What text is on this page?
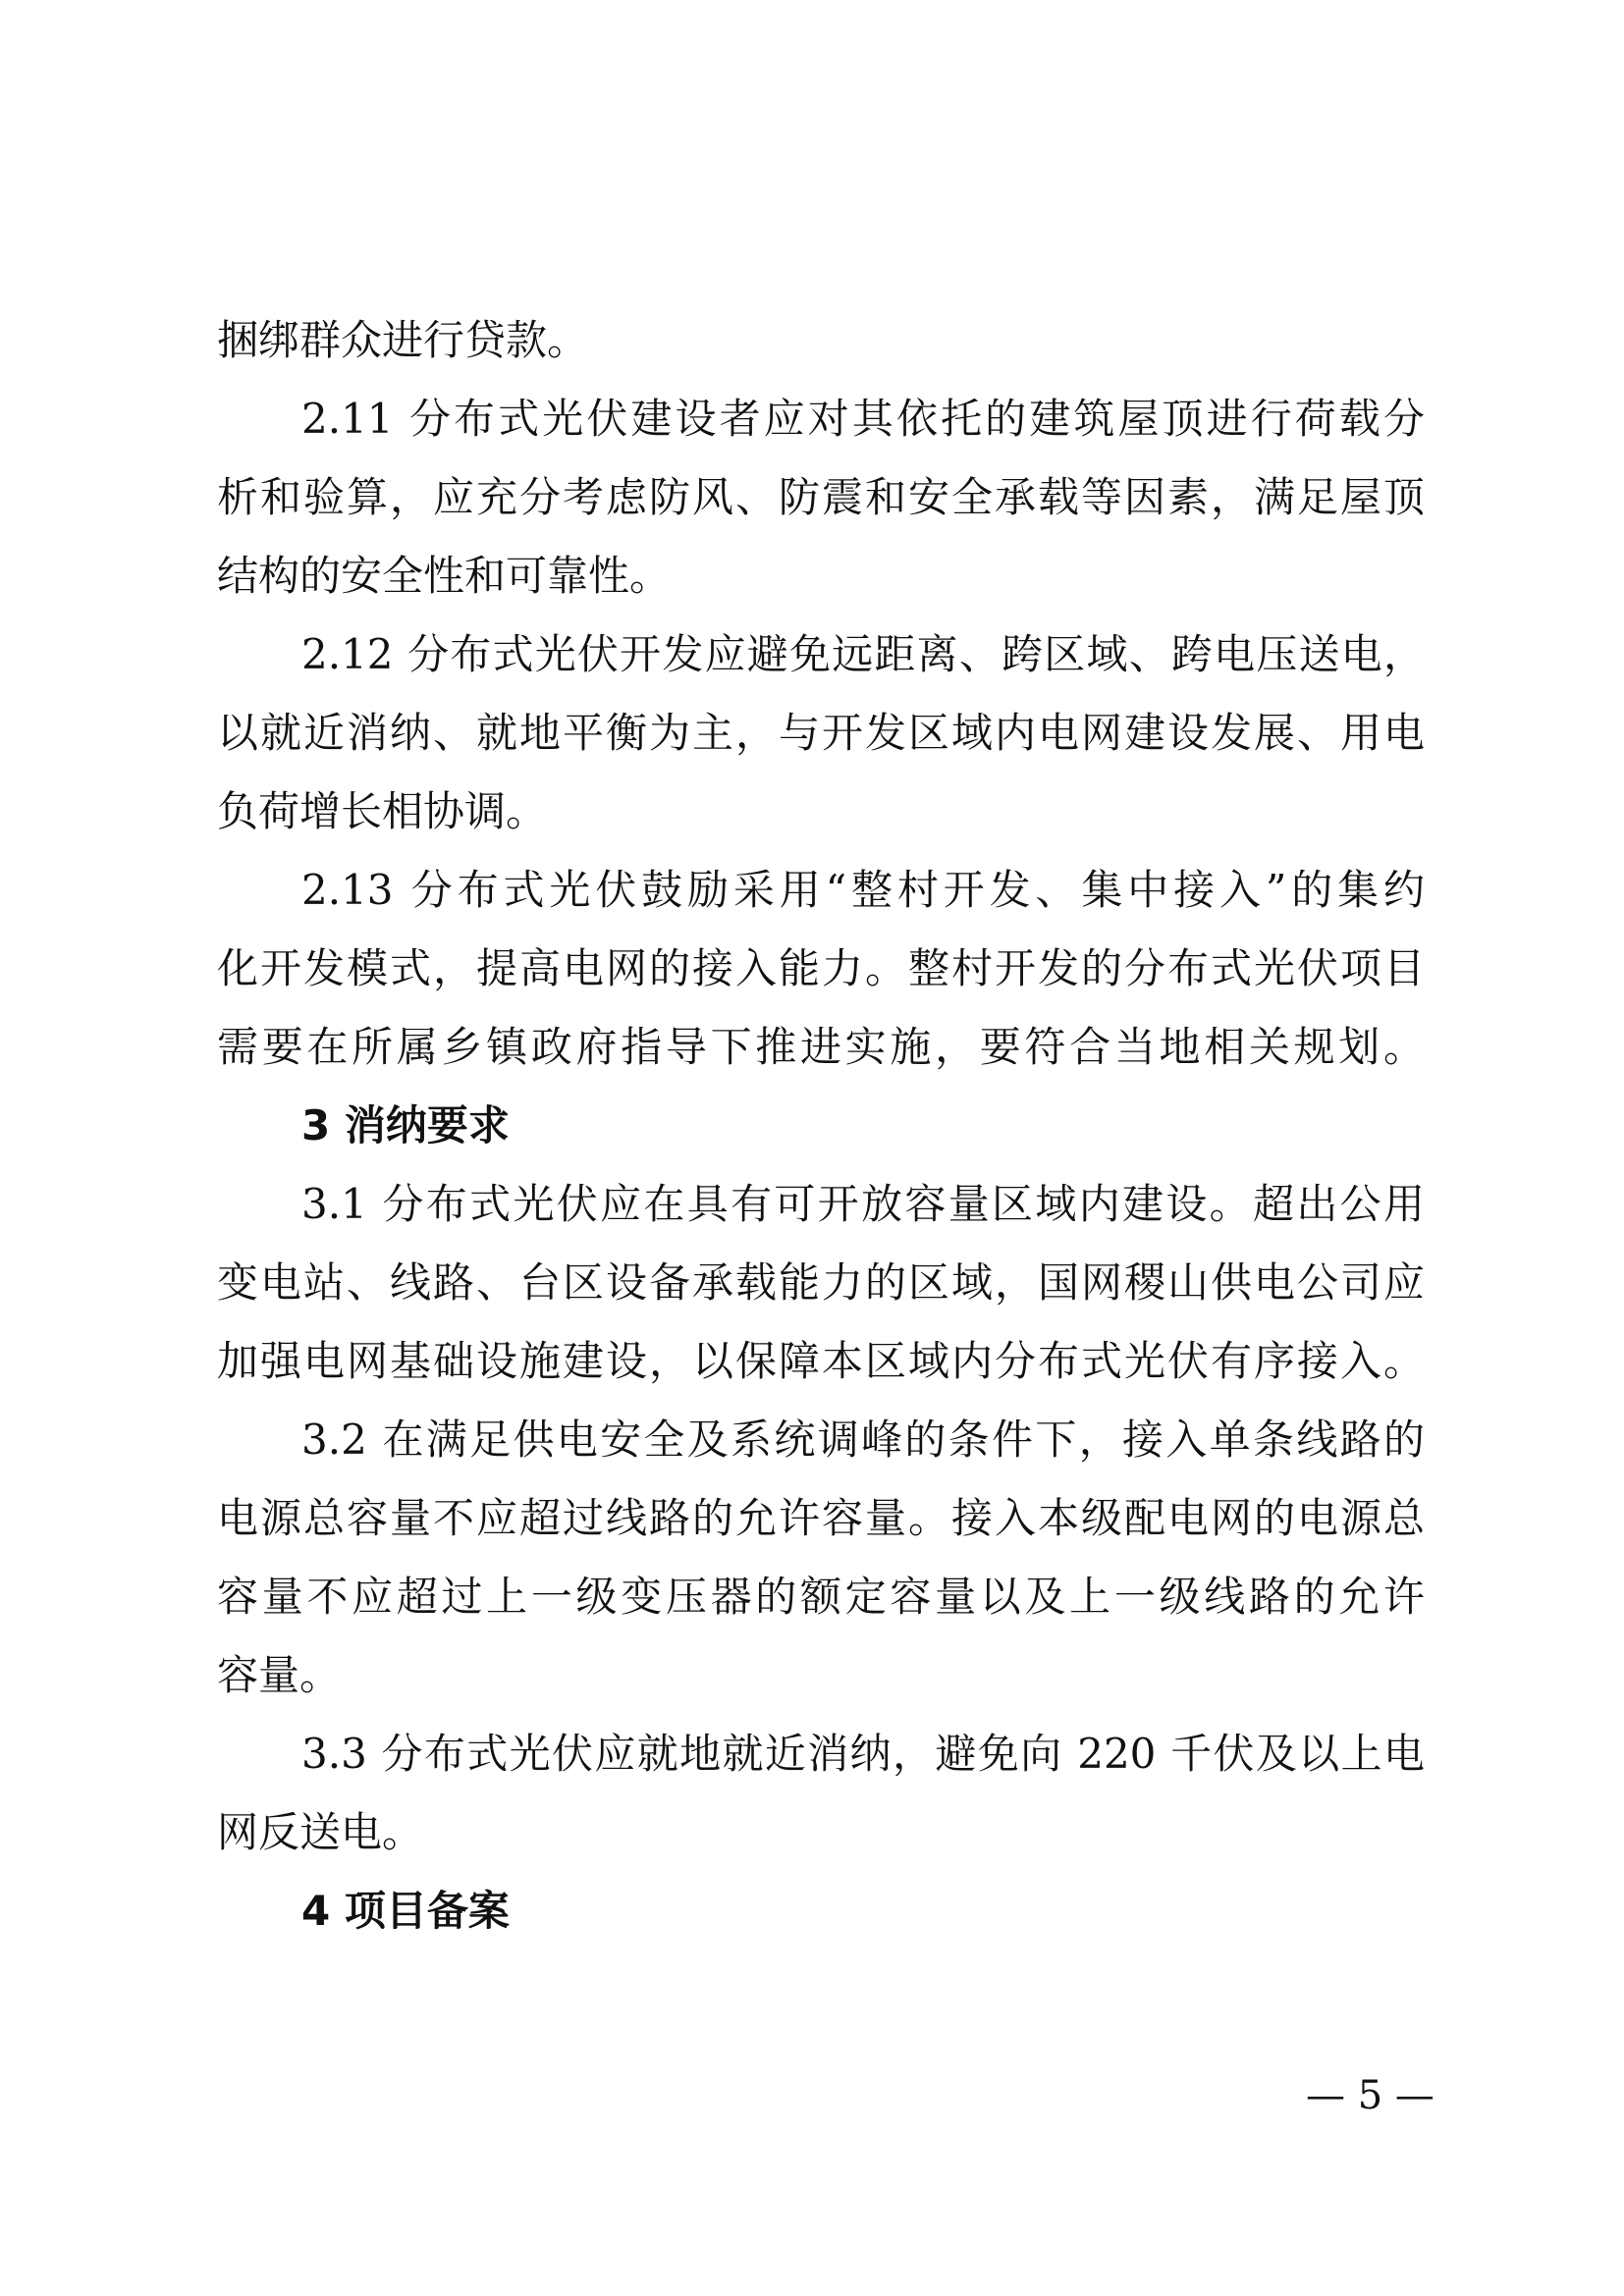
捆绑群众进行贷款。
2.11 分布式光伏建设者应对其依托的建筑屋顶进行荷载分
析和验算，应充分考虑防风、防震和安全承载等因素，满足屋顶
结构的安全性和可靠性。
2.12 分布式光伏开发应避免远距离、跨区域、跨电压送电，
以就近消纳、就地平衡为主，与开发区域内电网建设发展、用电
负荷增长相协调。
2.13 分布式光伏鼓励采用“整村开发、集中接入”的集约
化开发模式，提高电网的接入能力。整村开发的分布式光伏项目
需要在所属乡镇政府指导下推进实施，要符合当地相关规划。
3 消纳要求
3.1 分布式光伏应在具有可开放容量区域内建设。超出公用
变电站、线路、台区设备承载能力的区域，国网稷山供电公司应
加强电网基础设施建设，以保障本区域内分布式光伏有序接入。
3.2 在满足供电安全及系统调峰的条件下，接入单条线路的
电源总容量不应超过线路的允许容量。接入本级配电网的电源总
容量不应超过上一级变压器的额定容量以及上一级线路的允许
容量。
3.3 分布式光伏应就地就近消纳，避免向 220 千伏及以上电
网反送电。
4 项目备案
— 5 —
